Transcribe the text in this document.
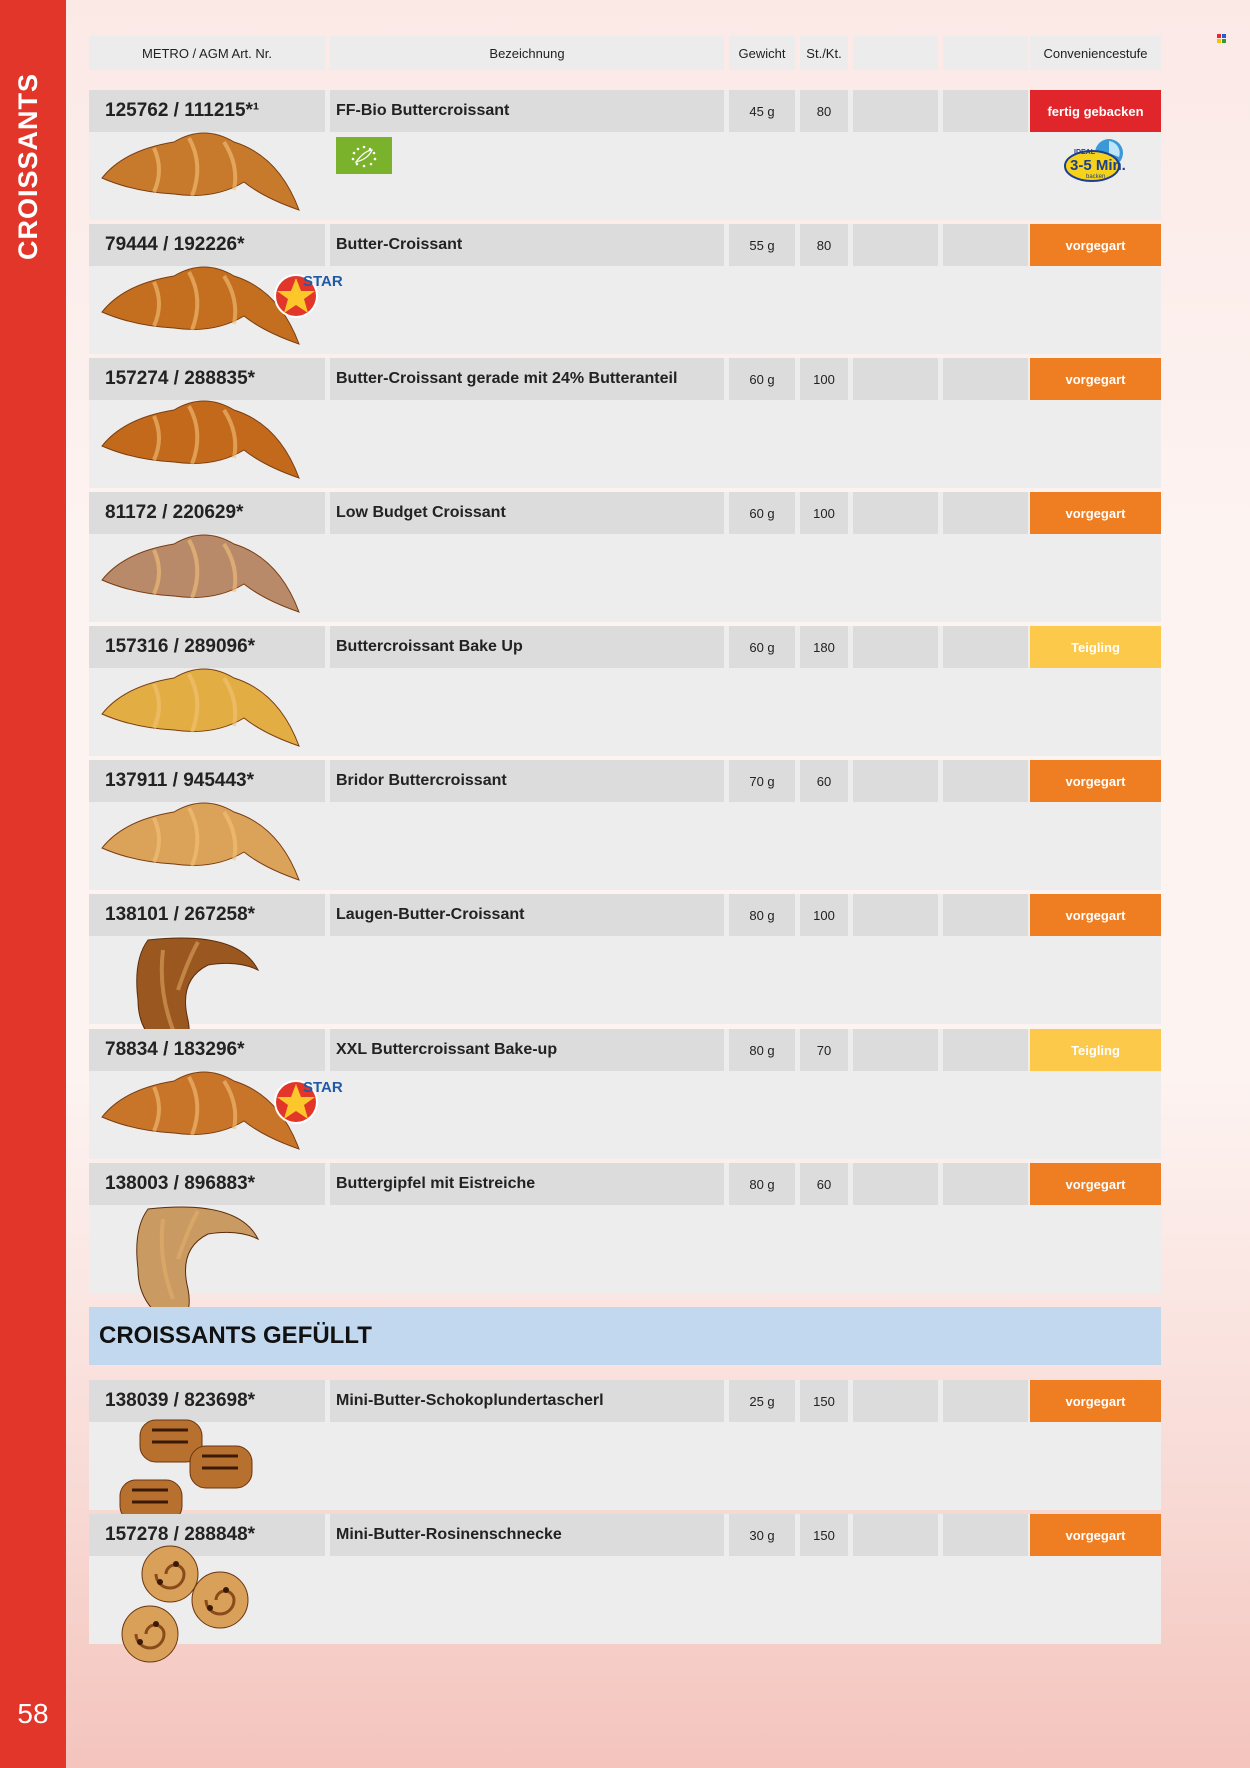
CROISSANTS
58
METRO / AGM Art. Nr.	Bezeichnung	Gewicht	St./Kt.	Conveniencestufe
125762 / 111215*¹	FF-Bio Buttercroissant	45 g	80	fertig gebacken
79444 / 192226*	Butter-Croissant	55 g	80	vorgegart
157274 / 288835*	Butter-Croissant gerade mit 24% Butteranteil	60 g	100	vorgegart
81172 / 220629*	Low Budget Croissant	60 g	100	vorgegart
157316 / 289096*	Buttercroissant Bake Up	60 g	180	Teigling
137911 / 945443*	Bridor Buttercroissant	70 g	60	vorgegart
138101 / 267258*	Laugen-Butter-Croissant	80 g	100	vorgegart
78834 / 183296*	XXL Buttercroissant Bake-up	80 g	70	Teigling
138003 / 896883*	Buttergipfel mit Eistreiche	80 g	60	vorgegart
138039 / 823698*	Mini-Butter-Schokoplundertascherl	25 g	150	vorgegart
157278 / 288848*	Mini-Butter-Rosinenschnecke	30 g	150	vorgegart
CROISSANTS GEFÜLLT
IDEAL
3-5 Min.
backen
STAR
STAR
